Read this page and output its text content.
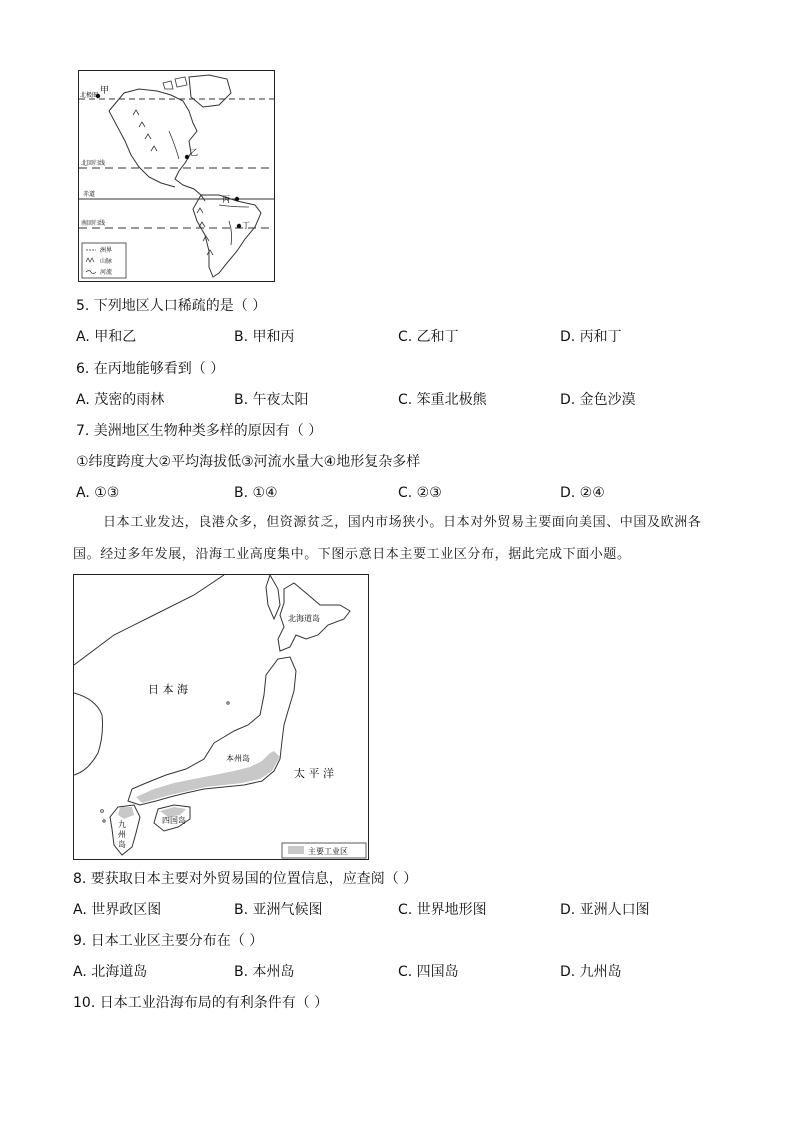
北极圈 甲
乙
北回归线
赤道
丙
南回归线	丁
洲界
山脉
河流
5. 下列地区人口稀疏的是（ ）
A. 甲和乙	B. 甲和丙	C. 乙和丁	D. 丙和丁
6. 在丙地能够看到（ ）
A. 茂密的雨林	B. 午夜太阳	C. 笨重北极熊	D. 金色沙漠
7. 美洲地区生物种类多样的原因有（ ）
①纬度跨度大②平均海拔低③河流水量大④地形复杂多样
A. ①③	B. ①④	C. ②③	D. ②④
日本工业发达，良港众多，但资源贫乏，国内市场狭小。日本对外贸易主要面向美国、中国及欧洲各
国。经过多年发展，沿海工业高度集中。下图示意日本主要工业区分布，据此完成下面小题。
日 本 海
北海道岛
本州岛
太 平 洋
四国岛
九
州
岛
主要工业区
8. 要获取日本主要对外贸易国的位置信息，应查阅（ ）
A. 世界政区图	B. 亚洲气候图	C. 世界地形图	D. 亚洲人口图
9. 日本工业区主要分布在（ ）
A. 北海道岛	B. 本州岛	C. 四国岛	D. 九州岛
10. 日本工业沿海布局的有利条件有（ ）
